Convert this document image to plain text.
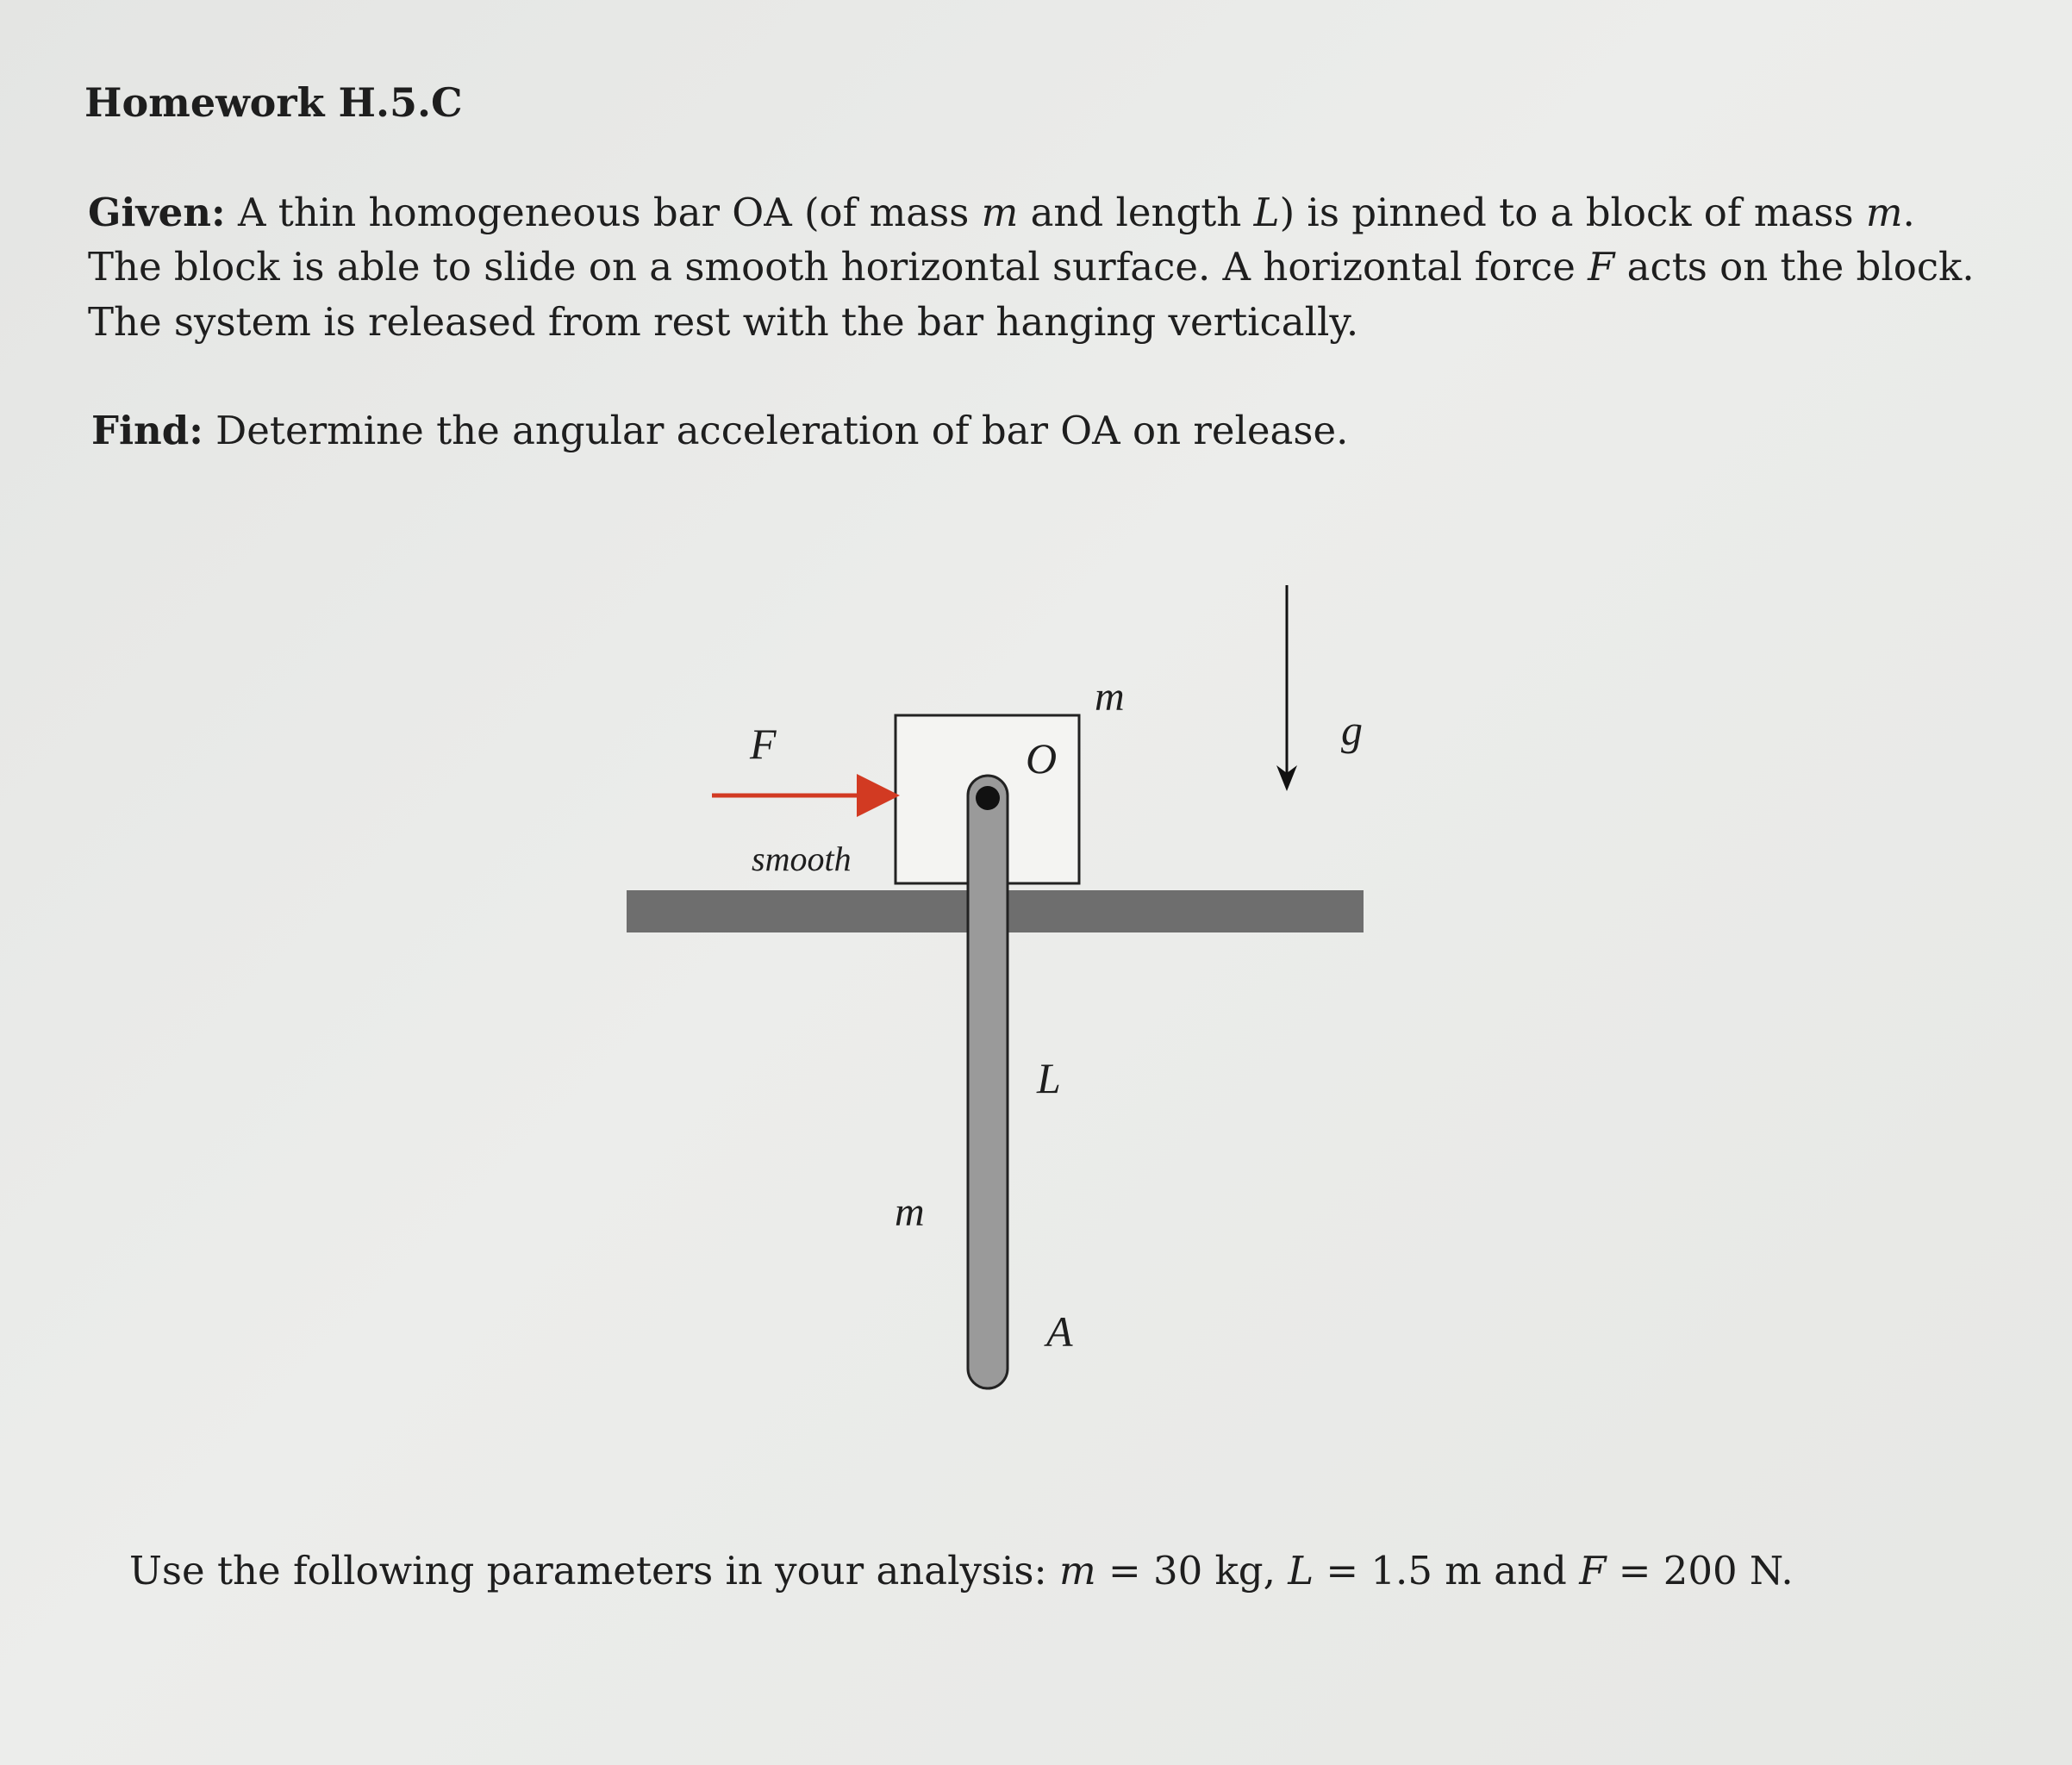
Homework H.5.C
Given: A thin homogeneous bar OA (of mass m and length L) is pinned to a block of mass m.
The block is able to slide on a smooth horizontal surface. A horizontal force F acts on the block.
The system is released from rest with the bar hanging vertically.
Find: Determine the angular acceleration of bar OA on release.
F
smooth
O
m
g
L
m
A
Use the following parameters in your analysis: m = 30 kg, L = 1.5 m and F = 200 N.
